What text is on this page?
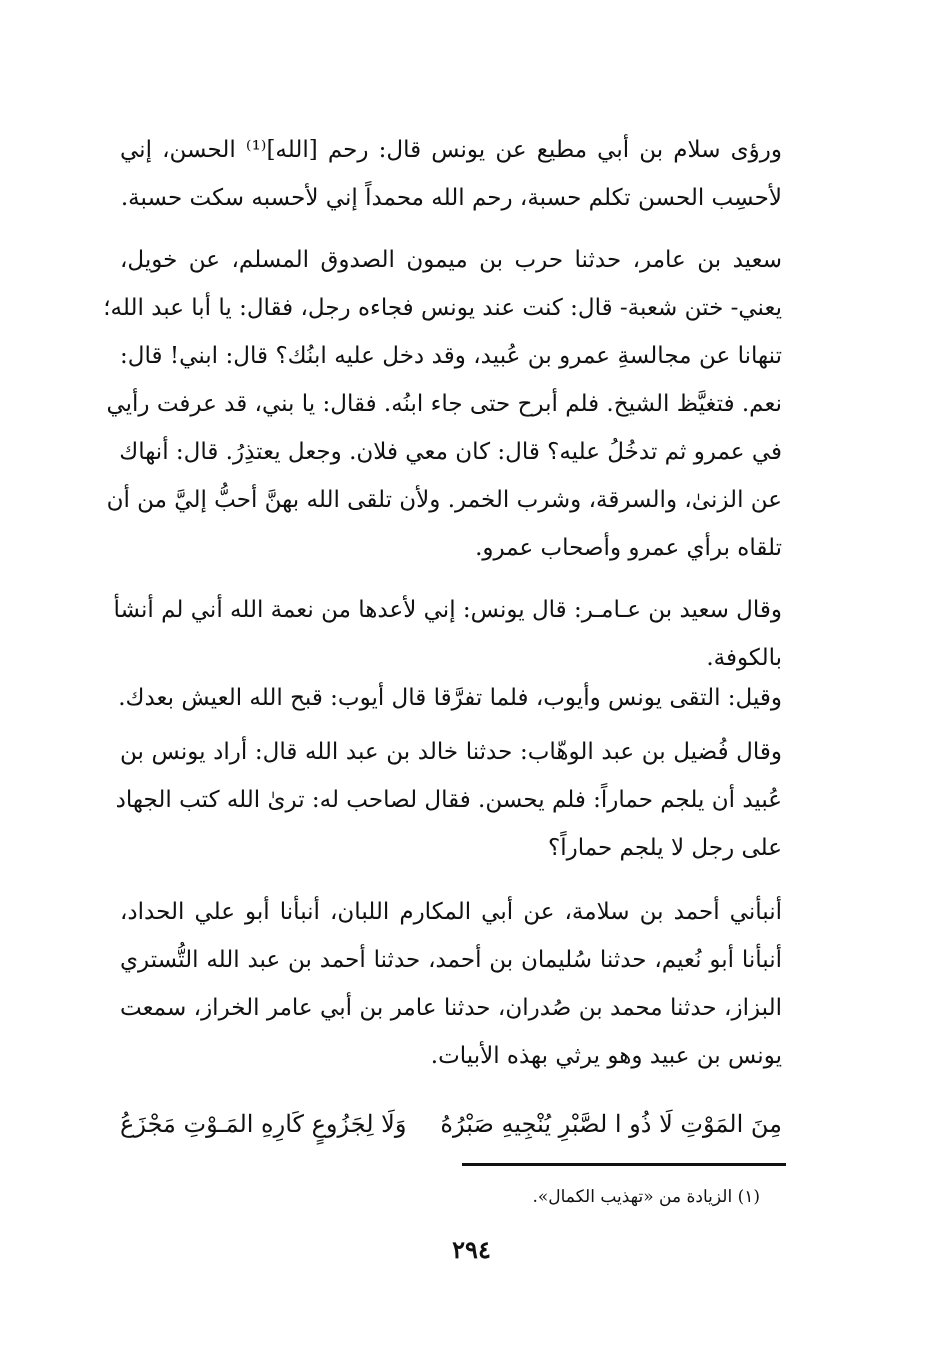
ورؤى سلام بن أبي مطيع عن يونس قال: رحم [الله]⁽¹⁾ الحسن، إني
لأحسِب الحسن تكلم حسبة، رحم الله محمداً إني لأحسبه سكت حسبة.
سعيد بن عامر، حدثنا حرب بن ميمون الصدوق المسلم، عن خويل،
يعني- ختن شعبة- قال: كنت عند يونس فجاءه رجل، فقال: يا أبا عبد الله؛
تنهانا عن مجالسةِ عمرو بن عُبيد، وقد دخل عليه ابنُك؟ قال: ابني! قال:
نعم. فتغيَّظ الشيخ. فلم أبرح حتى جاء ابنُه. فقال: يا بني، قد عرفت رأيي
في عمرو ثم تدخُلُ عليه؟ قال: كان معي فلان. وجعل يعتذِرُ. قال: أنهاك
عن الزنىٰ، والسرقة، وشرب الخمر. ولأن تلقى الله بهنَّ أحبُّ إليَّ من أن
تلقاه برأي عمرو وأصحاب عمرو.
وقال سعيد بن عـامـر: قال يونس: إني لأعدها من نعمة الله أني لم أنشأ
بالكوفة.
وقيل: التقى يونس وأيوب، فلما تفرَّقا قال أيوب: قبح الله العيش بعدك.
وقال فُضيل بن عبد الوهّاب: حدثنا خالد بن عبد الله قال: أراد يونس بن
عُبيد أن يلجم حماراً: فلم يحسن. فقال لصاحب له: ترىٰ الله كتب الجهاد
على رجل لا يلجم حماراً؟
أنبأني أحمد بن سلامة، عن أبي المكارم اللبان، أنبأنا أبو علي الحداد،
أنبأنا أبو نُعيم، حدثنا سُليمان بن أحمد، حدثنا أحمد بن عبد الله التُّستري
البزاز، حدثنا محمد بن صُدران، حدثنا عامر بن أبي عامر الخراز، سمعت
يونس بن عبيد وهو يرثي بهذه الأبيات.
مِنَ المَوْتِ لَا ذُو ا لصَّبْرِ يُنْجِيهِ صَبْرُهُ
وَلَا لِجَزُوعٍ كَارِهِ المَـوْتِ مَجْزَعُ
(١) الزيادة من «تهذيب الكمال».
٢٩٤
